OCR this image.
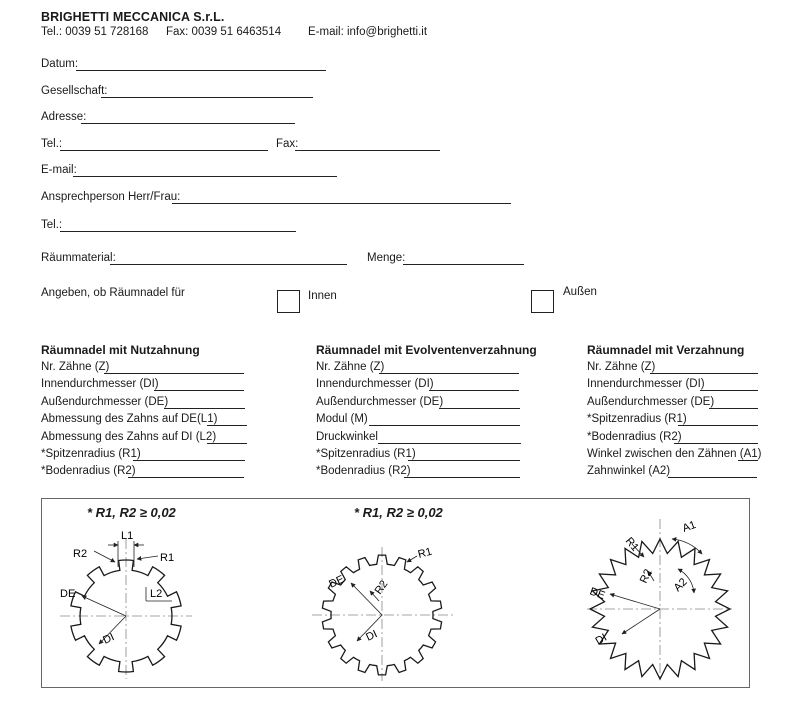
BRIGHETTI MECCANICA S.r.L.
Tel.: 0039 51 728168 Fax: 0039 51 6463514 E-mail: info@brighetti.it
Datum:
Gesellschaft:
Adresse:
Tel.:	Fax:
E-mail:
Ansprechperson Herr/Frau:
Tel.:
Räummaterial:	Menge:
Angeben, ob Räumnadel für	Innen	Außen
Räumnadel mit Nutzahnung
Nr. Zähne (Z)
Innendurchmesser (DI)
Außendurchmesser (DE)
Abmessung des Zahns auf DE(L1)
Abmessung des Zahns auf DI (L2)
*Spitzenradius (R1)
*Bodenradius (R2)
Räumnadel mit Evolventenverzahnung
Nr. Zähne (Z)
Innendurchmesser (DI)
Außendurchmesser (DE)
Modul (M)
Druckwinkel
*Spitzenradius (R1)
*Bodenradius (R2)
Räumnadel mit Verzahnung
Nr. Zähne (Z)
Innendurchmesser (DI)
Außendurchmesser (DE)
*Spitzenradius (R1)
*Bodenradius (R2)
Winkel zwischen den Zähnen (A1)
Zahnwinkel (A2)
L1
R2	R1
L2
DE
DI
R1
R2
DE
DI
A1
A2
R1
R2
DE
DI
* R1, R2 ≥ 0,02	* R1, R2 ≥ 0,02
